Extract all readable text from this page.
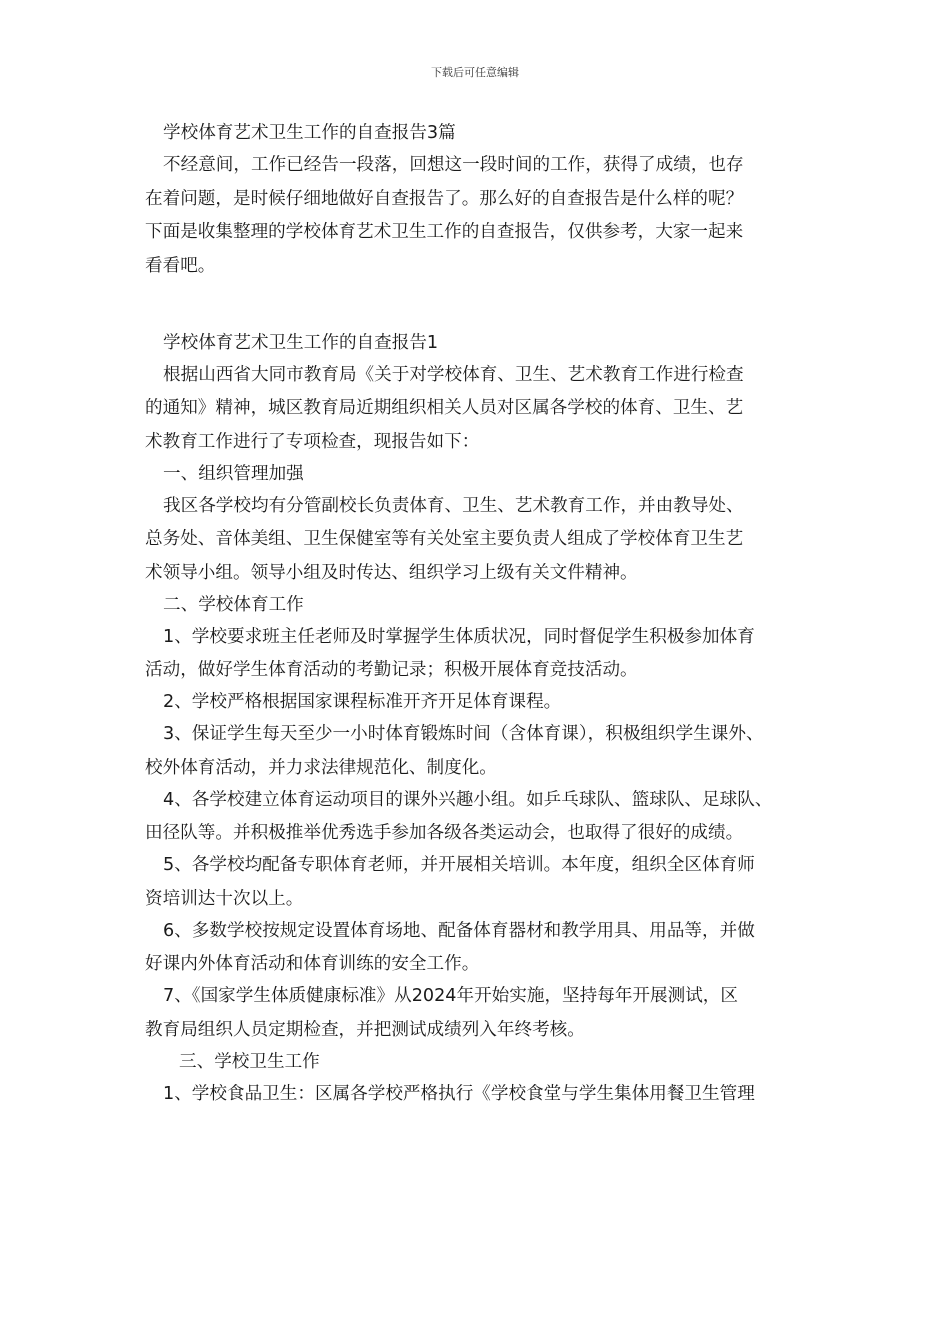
下载后可任意编辑
学校体育艺术卫生工作的自查报告3篇
不经意间，工作已经告一段落，回想这一段时间的工作，获得了成绩，也存
在着问题，是时候仔细地做好自查报告了。那么好的自查报告是什么样的呢？
下面是收集整理的学校体育艺术卫生工作的自查报告，仅供参考，大家一起来
看看吧。
学校体育艺术卫生工作的自查报告1
根据山西省大同市教育局《关于对学校体育、卫生、艺术教育工作进行检查
的通知》精神，城区教育局近期组织相关人员对区属各学校的体育、卫生、艺
术教育工作进行了专项检查，现报告如下：
一、组织管理加强
我区各学校均有分管副校长负责体育、卫生、艺术教育工作，并由教导处、
总务处、音体美组、卫生保健室等有关处室主要负责人组成了学校体育卫生艺
术领导小组。领导小组及时传达、组织学习上级有关文件精神。
二、学校体育工作
1、学校要求班主任老师及时掌握学生体质状况，同时督促学生积极参加体育
活动，做好学生体育活动的考勤记录；积极开展体育竞技活动。
2、学校严格根据国家课程标准开齐开足体育课程。
3、保证学生每天至少一小时体育锻炼时间（含体育课），积极组织学生课外、
校外体育活动，并力求法律规范化、制度化。
4、各学校建立体育运动项目的课外兴趣小组。如乒乓球队、篮球队、足球队、
田径队等。并积极推举优秀选手参加各级各类运动会，也取得了很好的成绩。
5、各学校均配备专职体育老师，并开展相关培训。本年度，组织全区体育师
资培训达十次以上。
6、多数学校按规定设置体育场地、配备体育器材和教学用具、用品等，并做
好课内外体育活动和体育训练的安全工作。
7、《国家学生体质健康标准》从2024年开始实施，坚持每年开展测试，区
教育局组织人员定期检查，并把测试成绩列入年终考核。
三、学校卫生工作
1、学校食品卫生：区属各学校严格执行《学校食堂与学生集体用餐卫生管理
